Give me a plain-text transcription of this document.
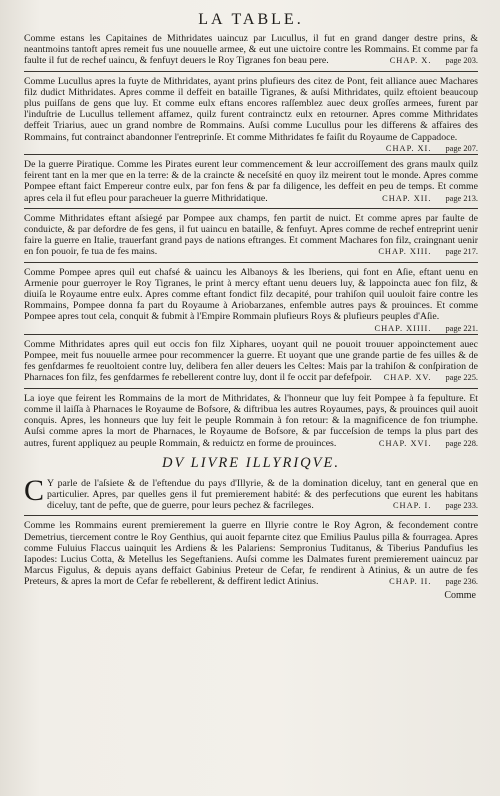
LA TABLE.

Comme estans les Capitaines de Mithridates uaincuz par Lucullus, il fut en grand danger destre prins, & neantmoins tantoft apres remeit fus une nouuelle armee, & eut une uictoire contre les Rommains. Et comme par fa faulte il fut de rechef uaincu, & fenfuyt deuers le Roy Tigranes fon beau pere.	CHAP. X. page 203.

Comme Lucullus apres la fuyte de Mithridates, ayant prins plufieurs des citez de Pont, feit alliance auec Machares filz dudict Mithridates. Apres comme il deffeit en bataille Tigranes, & auſsi Mithridates, quilz eftoient beaucoup plus puiſſans de gens que luy. Et comme eulx eftans encores raſſemblez auec deux groſſes armees, furent par l'induſtrie de Lucullus tellement affamez, quilz furent contrainctz eulx en retourner. Apres comme Mithridates deffeit Triarius, auec un grand nombre de Rommains. Auſsi comme Lucullus pour les differens & affaires des Rommains, fut contrainct abandonner l'entreprinſe. Et comme Mithridates fe faiſit du Royaume de Cappadoce.
CHAP. XI. page 207.

De la guerre Piratique. Comme les Pirates eurent leur commencement & leur accroiſſement des grans maulx quilz feirent tant en la mer que en la terre: & de la craincte & neceſsité en quoy ilz meirent tout le monde. Apres comme Pompee eftant faict Empereur contre eulx, par fon fens & par fa diligence, les deffeit en peu de temps. Et comme apres cela il fut efleu pour paracheuer la guerre Mithridatique.	CHAP. XII. page 213.

Comme Mithridates eftant aſsiegé par Pompee aux champs, fen partit de nuict. Et comme apres par faulte de conduicte, & par defordre de fes gens, il fut uaincu en bataille, & fenfuyt. Apres comme de rechef entreprint uenir faire la guerre en Italie, trauerfant grand pays de nations eftranges. Et comment Machares fon filz, craingnant uenir en fon pouoir, fe tua de fes mains.	CHAP. XIII. page 217.

Comme Pompee apres quil eut chafsé & uaincu les Albanoys & les Iberiens, qui font en Aſie, eftant uenu en Armenie pour guerroyer le Roy Tigranes, le print à mercy eftant uenu deuers luy, & lappoincta auec fon filz, & diuiſa le Royaume entre eulx. Apres comme eftant fondict filz decapité, pour trahiſon quil uouloit faire contre les Rommains, Pompee donna fa part du Royaume à Ariobarzanes, enfemble autres pays & prouinces. Et comme Pompee apres tout cela, conquit & fubmit à l'Empire Rommain plufieurs Roys & plufieurs peuples d'Aſie.
CHAP. XIIII. page 221.

Comme Mithridates apres quil eut occis fon filz Xiphares, uoyant quil ne pouoit trouuer appoinctement auec Pompee, meit fus nouuelle armee pour recommencer la guerre. Et uoyant que une grande partie de fes uilles & de fes genfdarmes fe reuoltoient contre luy, delibera fen aller deuers les Celtes: Mais par la trahiſon & conſpiration de Pharnaces fon filz, fes genfdarmes fe rebellerent contre luy, dont il fe occit par defefpoir. CHAP. XV. page 225.

La ioye que feirent les Rommains de la mort de Mithridates, & l'honneur que luy feit Pompee à fa fepulture. Et comme il laiſſa à Pharnaces le Royaume de Bofsore, & diftribua les autres Royaumes, pays, & prouinces quil auoit conquis. Apres, les honneurs que luy feit le peuple Rommain à fon retour: & la magnificence de fon triumphe. Auſsi comme apres la mort de Pharnaces, le Royaume de Bofsore, & par fucceſsion de temps la plus part des autres, furent appliquez au peuple Rommain, & reduictz en forme de prouinces.	CHAP. XVI. page 228.

DV LIVRE ILLYRIQVE.

C Y parle de l'aſsiete & de l'eftendue du pays d'Illyrie, & de la domination diceluy, tant en general que en particulier. Apres, par quelles gens il fut premierement habité: & des perfecutions que eurent les habitans diceluy, tant de pefte, que de guerre, pour leurs pechez & facrileges.	CHAP. I. page 233.

Comme les Rommains eurent premierement la guerre en Illyrie contre le Roy Agron, & fecondement contre Demetrius, tiercement contre le Roy Genthius, qui auoit feparnte citez que Emilius Paulus pilla & fourragea. Apres comme Fuluius Flaccus uainquit les Ardiens & les Palariens: Sempronius Tuditanus, & Tiberius Pandufius les Iapodes: Lucius Cotta, & Metellus les Segeftaniens. Auſsi comme les Dalmates furent premierement uaincuz par Marcus Figulus, & depuis ayans deffaict Gabinius Preteur de Cefar, fe rendirent à Atinius, & un autre de fes Preteurs, & apres la mort de Cefar fe rebellerent, & deffirent ledict Atinius.	CHAP. II. page 236.

Comme
